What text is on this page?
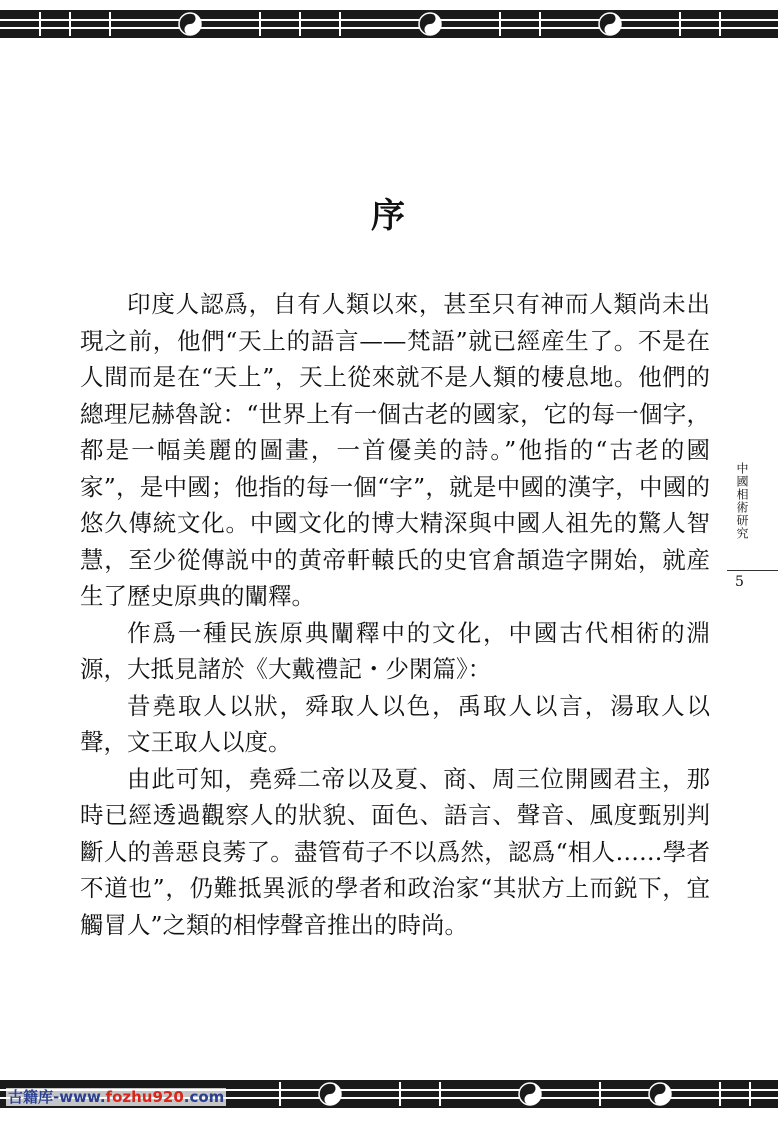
序

印度人認爲，自有人類以來，甚至只有神而人類尚未出現之前，他們“天上的語言——梵語”就已經産生了。不是在人間而是在“天上”，天上從來就不是人類的棲息地。他們的總理尼赫魯說：“世界上有一個古老的國家，它的每一個字，都是一幅美麗的圖畫，一首優美的詩。”他指的“古老的國家”，是中國；他指的每一個“字”，就是中國的漢字，中國的悠久傳統文化。中國文化的博大精深與中國人祖先的驚人智慧，至少從傳説中的黄帝軒轅氏的史官倉頡造字開始，就産生了歷史原典的闡釋。

作爲一種民族原典闡釋中的文化，中國古代相術的淵源，大抵見諸於《大戴禮記・少閑篇》：

昔堯取人以狀，舜取人以色，禹取人以言，湯取人以聲，文王取人以度。

由此可知，堯舜二帝以及夏、商、周三位開國君主，那時已經透過觀察人的狀貌、面色、語言、聲音、風度甄别判斷人的善惡良莠了。盡管荀子不以爲然，認爲“相人……學者不道也”，仍難抵異派的學者和政治家“其狀方上而鋭下，宜觸冒人”之類的相悖聲音推出的時尚。

中國相術研究
5
古籍库-www.fozhu920.com
